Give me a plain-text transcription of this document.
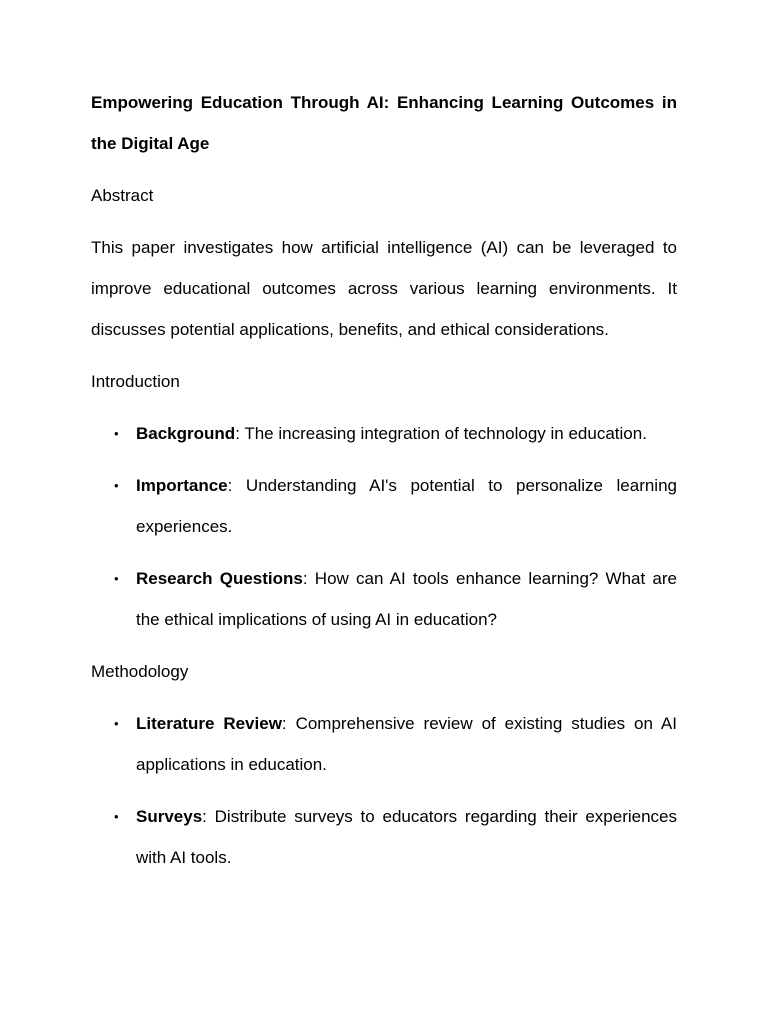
Empowering Education Through AI: Enhancing Learning Outcomes in the Digital Age
Abstract

This paper investigates how artificial intelligence (AI) can be leveraged to improve educational outcomes across various learning environments. It discusses potential applications, benefits, and ethical considerations.

Introduction
• Background: The increasing integration of technology in education.
• Importance: Understanding AI's potential to personalize learning experiences.
• Research Questions: How can AI tools enhance learning? What are the ethical implications of using AI in education?
Methodology
• Literature Review: Comprehensive review of existing studies on AI applications in education.
• Surveys: Distribute surveys to educators regarding their experiences with AI tools.
